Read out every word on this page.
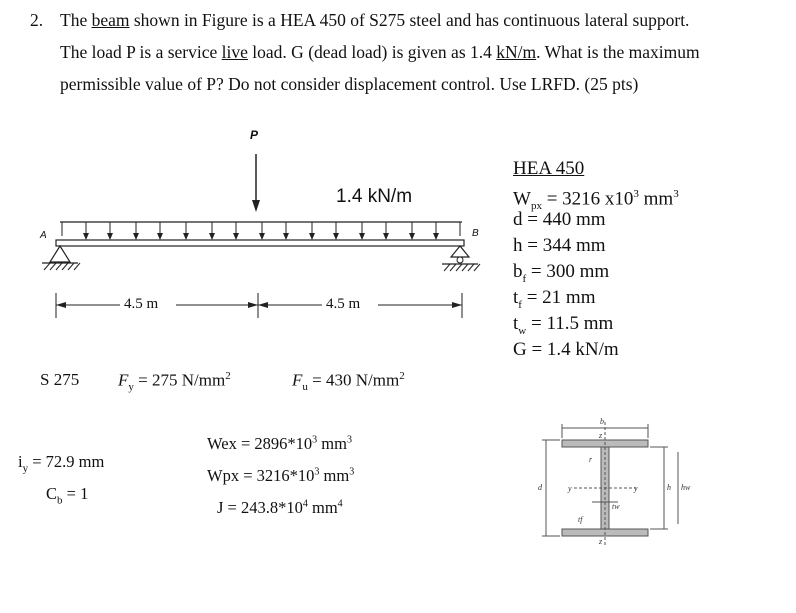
2. The beam shown in Figure is a HEA 450 of S275 steel and has continuous lateral support.
The load P is a service live load. G (dead load) is given as 1.4 kN/m. What is the maximum
permissible value of P? Do not consider displacement control. Use LRFD. (25 pts)
P
1.4 kN/m
A	B
4.5 m	4.5 m
HEA 450
$W_{px} = 3216$ $x10^3$ $mm^3$
d = 440 mm
h = 344 mm
$b_f = 300$ mm
$t_f = 21$ mm
$t_w = 11.5$ mm
G = 1.4 kN/m
S 275 $F_y = 275$ $N/mm^2$	$F_u = 430$ $N/mm^2$
$i_y = 72.9$ mm
$C_b = 1$
Wex = $2896*10^3$ $mm^3$
Wpx = $3216*10^3$ $mm^3$
$J = 243.8*10^4$ $mm^4$
b
z
z
y	y
tw
tf
r
d	h hw
